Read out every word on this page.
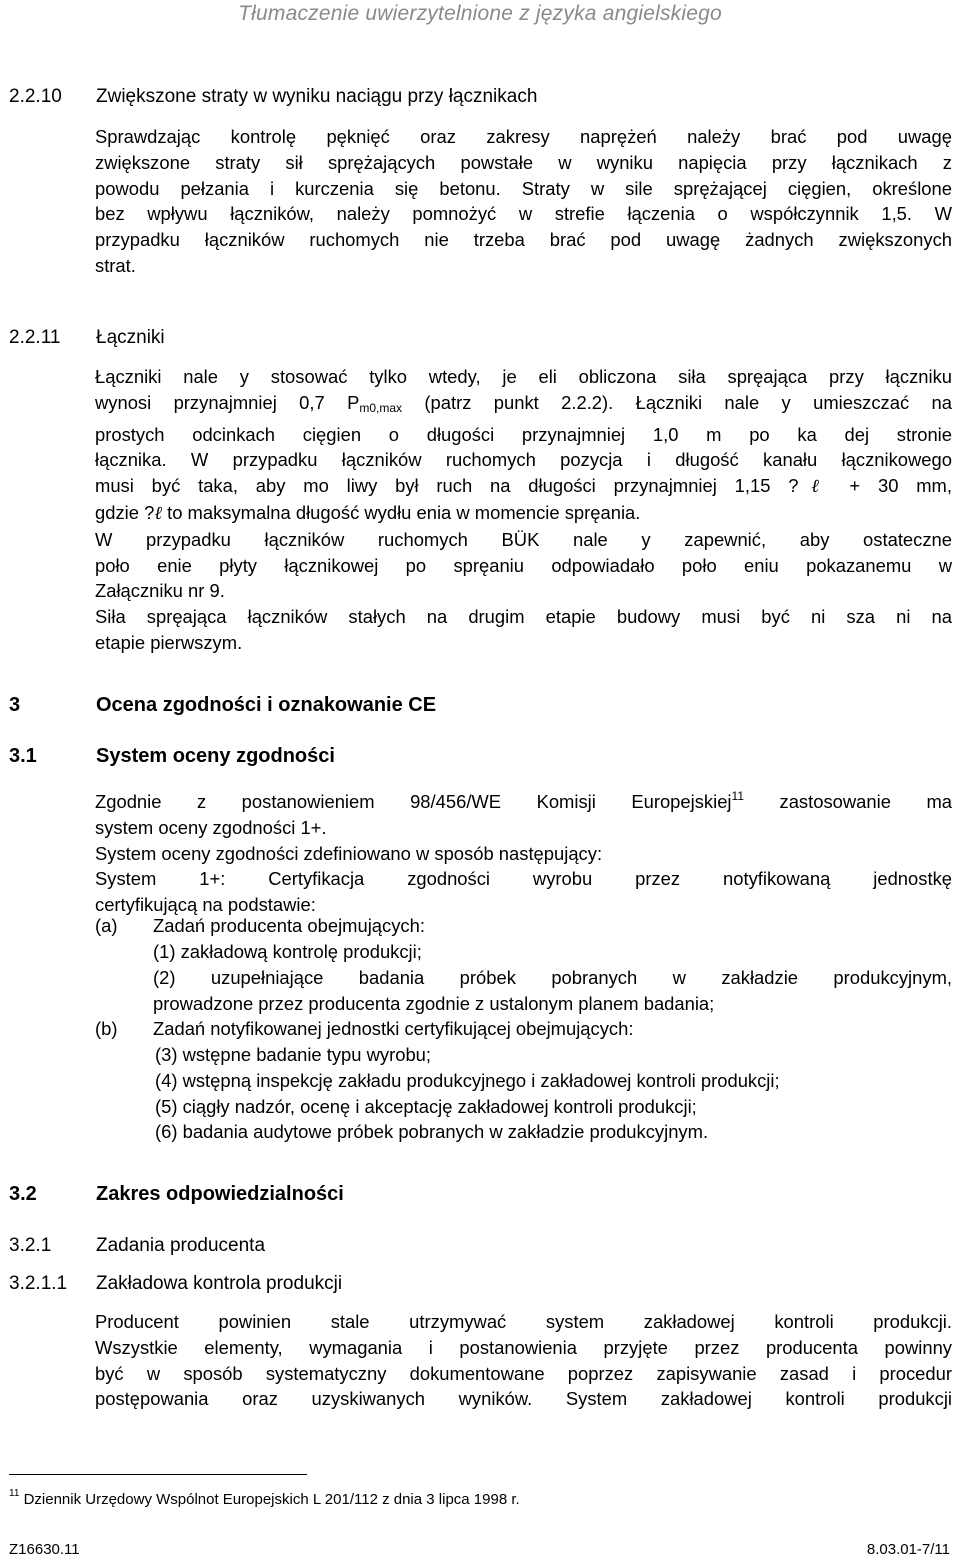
Tłumaczenie uwierzytelnione z języka angielskiego
2.2.10 Zwiększone straty w wyniku naciągu przy łącznikach
Sprawdzając kontrolę pęknięć oraz zakresy naprężeń należy brać pod uwagę
zwiększone straty sił sprężających powstałe w wyniku napięcia przy łącznikach z
powodu pełzania i kurczenia się betonu. Straty w sile sprężającej cięgien, określone
bez wpływu łączników, należy pomnożyć w strefie łączenia o współczynnik 1,5. W
przypadku łączników ruchomych nie trzeba brać pod uwagę żadnych zwiększonych
strat.
2.2.11 Łączniki
Łączniki nale y stosować tylko wtedy, je eli obliczona siła spręająca przy łączniku
wynosi przynajmniej 0,7 $P_{m0,max}$ (patrz punkt 2.2.2). Łączniki nale y umieszczać na
prostych odcinkach cięgien o długości przynajmniej 1,0 m po ka dej stronie
łącznika. W przypadku łączników ruchomych pozycja i długość kanału łącznikowego
musi być taka, aby mo liwy był ruch na długości przynajmniej 1,15 ?ℓ + 30 mm,
gdzie ?ℓ to maksymalna długość wydłu enia w momencie spręania.
W przypadku łączników ruchomych BÜK nale y zapewnić, aby ostateczne
poło enie płyty łącznikowej po spręaniu odpowiadało poło eniu pokazanemu w
Załączniku nr 9.
Siła spręająca łączników stałych na drugim etapie budowy musi być ni sza ni na
etapie pierwszym.
3	Ocena zgodności i oznakowanie CE
3.1	System oceny zgodności
Zgodnie z postanowieniem 98/456/WE Komisji Europejskiej$^{11}$ zastosowanie ma
system oceny zgodności 1+.
System oceny zgodności zdefiniowano w sposób następujący:
System 1+: Certyfikacja zgodności wyrobu przez notyfikowaną jednostkę
certyfikującą na podstawie:
(a) Zadań producenta obejmujących:
(1) zakładową kontrolę produkcji;
(2) uzupełniające badania próbek pobranych w zakładzie produkcyjnym,
prowadzone przez producenta zgodnie z ustalonym planem badania;
(b) Zadań notyfikowanej jednostki certyfikującej obejmujących:
(3) wstępne badanie typu wyrobu;
(4) wstępną inspekcję zakładu produkcyjnego i zakładowej kontroli produkcji;
(5) ciągły nadzór, ocenę i akceptację zakładowej kontroli produkcji;
(6) badania audytowe próbek pobranych w zakładzie produkcyjnym.
3.2	Zakres odpowiedzialności
3.2.1 Zadania producenta
3.2.1.1 Zakładowa kontrola produkcji
Producent powinien stale utrzymywać system zakładowej kontroli produkcji.
Wszystkie elementy, wymagania i postanowienia przyjęte przez producenta powinny
być w sposób systematyczny dokumentowane poprzez zapisywanie zasad i procedur
postępowania oraz uzyskiwanych wyników. System zakładowej kontroli produkcji
$^{11}$ Dziennik Urzędowy Wspólnot Europejskich L 201/112 z dnia 3 lipca 1998 r.
Z16630.11	8.03.01-7/11
